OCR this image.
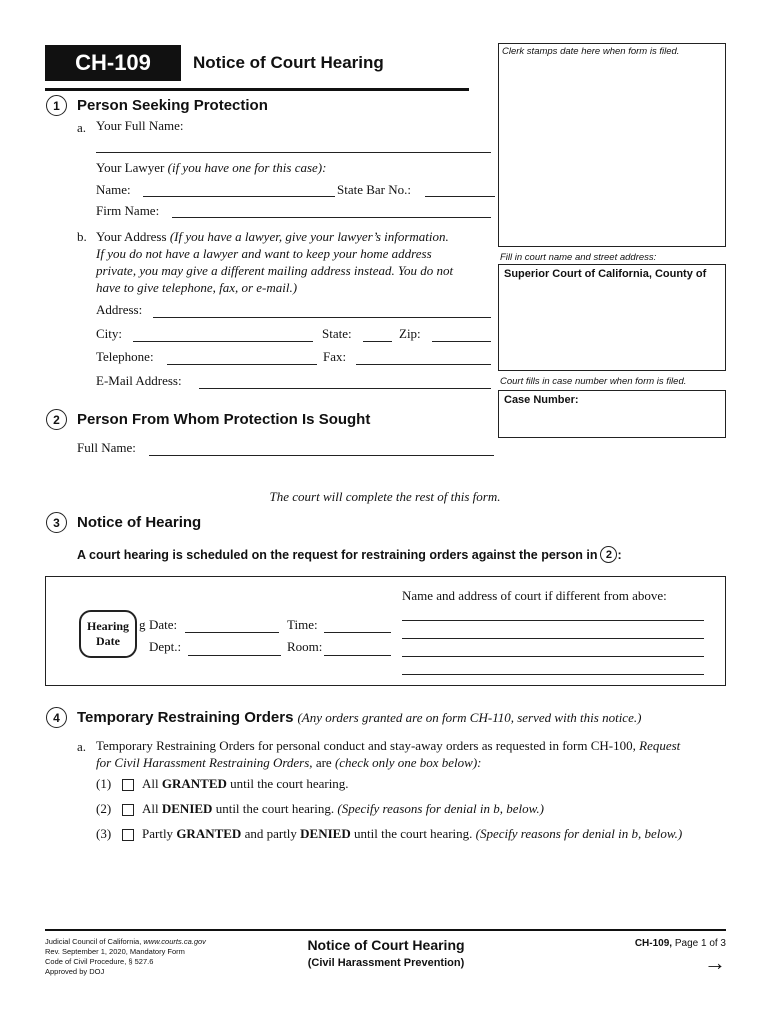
CH-109	Notice of Court Hearing
Clerk stamps date here when form is filed.
Fill in court name and street address:
Superior Court of California, County of
Court fills in case number when form is filed.
Case Number:
1	Person Seeking Protection
a. Your Full Name:
Your Lawyer (if you have one for this case):
Name:	State Bar No.:
Firm Name:
b. Your Address (If you have a lawyer, give your lawyer’s information.
If you do not have a lawyer and want to keep your home address
private, you may give a different mailing address instead. You do not
have to give telephone, fax, or e-mail.)
Address:
City:	State:	Zip:
Telephone:	Fax:
E-Mail Address:
2	Person From Whom Protection Is Sought
Full Name:
The court will complete the rest of this form.
3	Notice of Hearing
A court hearing is scheduled on the request for restraining orders against the person in 2 :
Hearing
Date
g Date:	Time:
Dept.:	Room:
Name and address of court if different from above:
4	Temporary Restraining Orders (Any orders granted are on form CH-110, served with this notice.)
a. Temporary Restraining Orders for personal conduct and stay-away orders as requested in form CH-100, Request
for Civil Harassment Restraining Orders, are (check only one box below):
(1) All GRANTED until the court hearing.
(2) All DENIED until the court hearing. (Specify reasons for denial in b, below.)
(3) Partly GRANTED and partly DENIED until the court hearing. (Specify reasons for denial in b, below.)
Judicial Council of California, www.courts.ca.gov
Rev. September 1, 2020, Mandatory Form
Code of Civil Procedure, § 527.6
Approved by DOJ
Notice of Court Hearing
(Civil Harassment Prevention)
CH-109, Page 1 of 3
→
